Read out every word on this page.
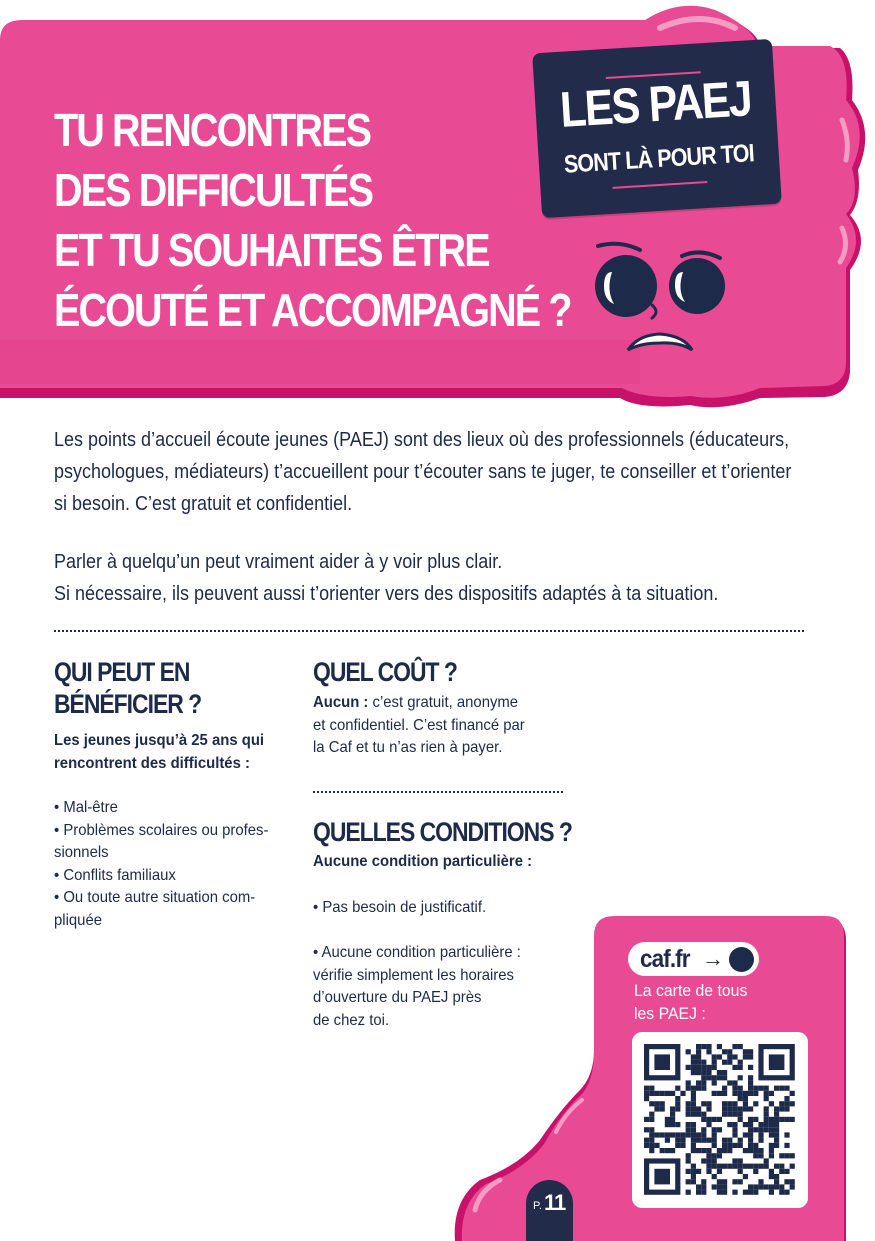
TU RENCONTRES
DES DIFFICULTÉS
ET TU SOUHAITES ÊTRE
ÉCOUTÉ ET ACCOMPAGNÉ ?
LES PAEJ
SONT LÀ POUR TOI

Les points d’accueil écoute jeunes (PAEJ) sont des lieux où des professionnels (éducateurs,

psychologues, médiateurs) t’accueillent pour t’écouter sans te juger, te conseiller et t’orienter

si besoin. C’est gratuit et confidentiel.

Parler à quelqu’un peut vraiment aider à y voir plus clair.

Si nécessaire, ils peuvent aussi t’orienter vers des dispositifs adaptés à ta situation.

QUI PEUT EN
BÉNÉFICIER ?

Les jeunes jusqu’à 25 ans qui

rencontrent des difficultés :

• Mal-être

• Problèmes scolaires ou profes-

sionnels

• Conflits familiaux

• Ou toute autre situation com-

pliquée

QUEL COÛT ?

Aucun : c’est gratuit, anonyme

et confidentiel. C’est financé par

la Caf et tu n’as rien à payer.

QUELLES CONDITIONS ?
Aucune condition particulière :
• Pas besoin de justificatif.

• Aucune condition particulière :

vérifie simplement les horaires

d’ouverture du PAEJ près

de chez toi.

caf.fr →
La carte de tous
les PAEJ :
P. 11
